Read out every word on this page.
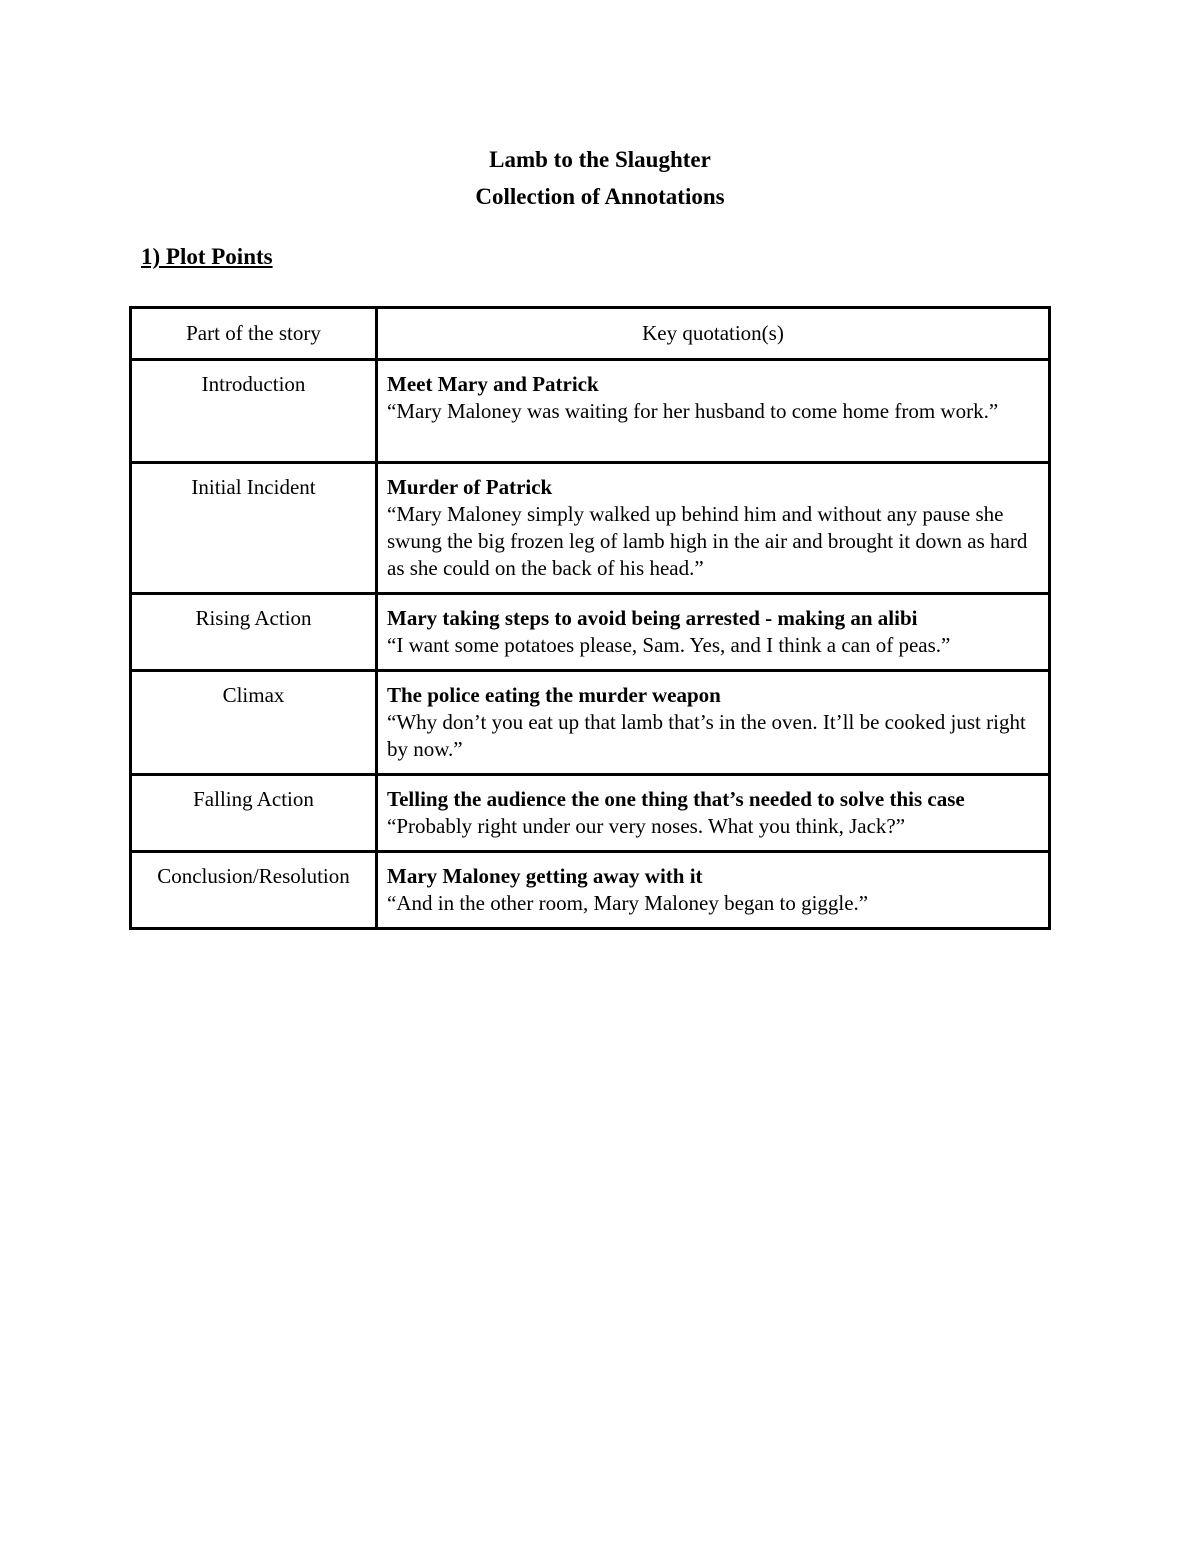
Lamb to the Slaughter

Collection of Annotations

1) Plot Points

Part of the story	Key quotation(s)
Introduction	Meet Mary and Patrick
“Mary Maloney was waiting for her husband to come home from work.”

Initial Incident	Murder of Patrick
“Mary Maloney simply walked up behind him and without any pause she swung the big frozen leg of lamb high in the air and brought it down as hard as she could on the back of his head.”

Rising Action	Mary taking steps to avoid being arrested - making an alibi
“I want some potatoes please, Sam. Yes, and I think a can of peas.”

Climax	The police eating the murder weapon
“Why don’t you eat up that lamb that’s in the oven. It’ll be cooked just right by now.”

Falling Action	Telling the audience the one thing that’s needed to solve this case
“Probably right under our very noses. What you think, Jack?”

Conclusion/Resolution	Mary Maloney getting away with it
“And in the other room, Mary Maloney began to giggle.”
